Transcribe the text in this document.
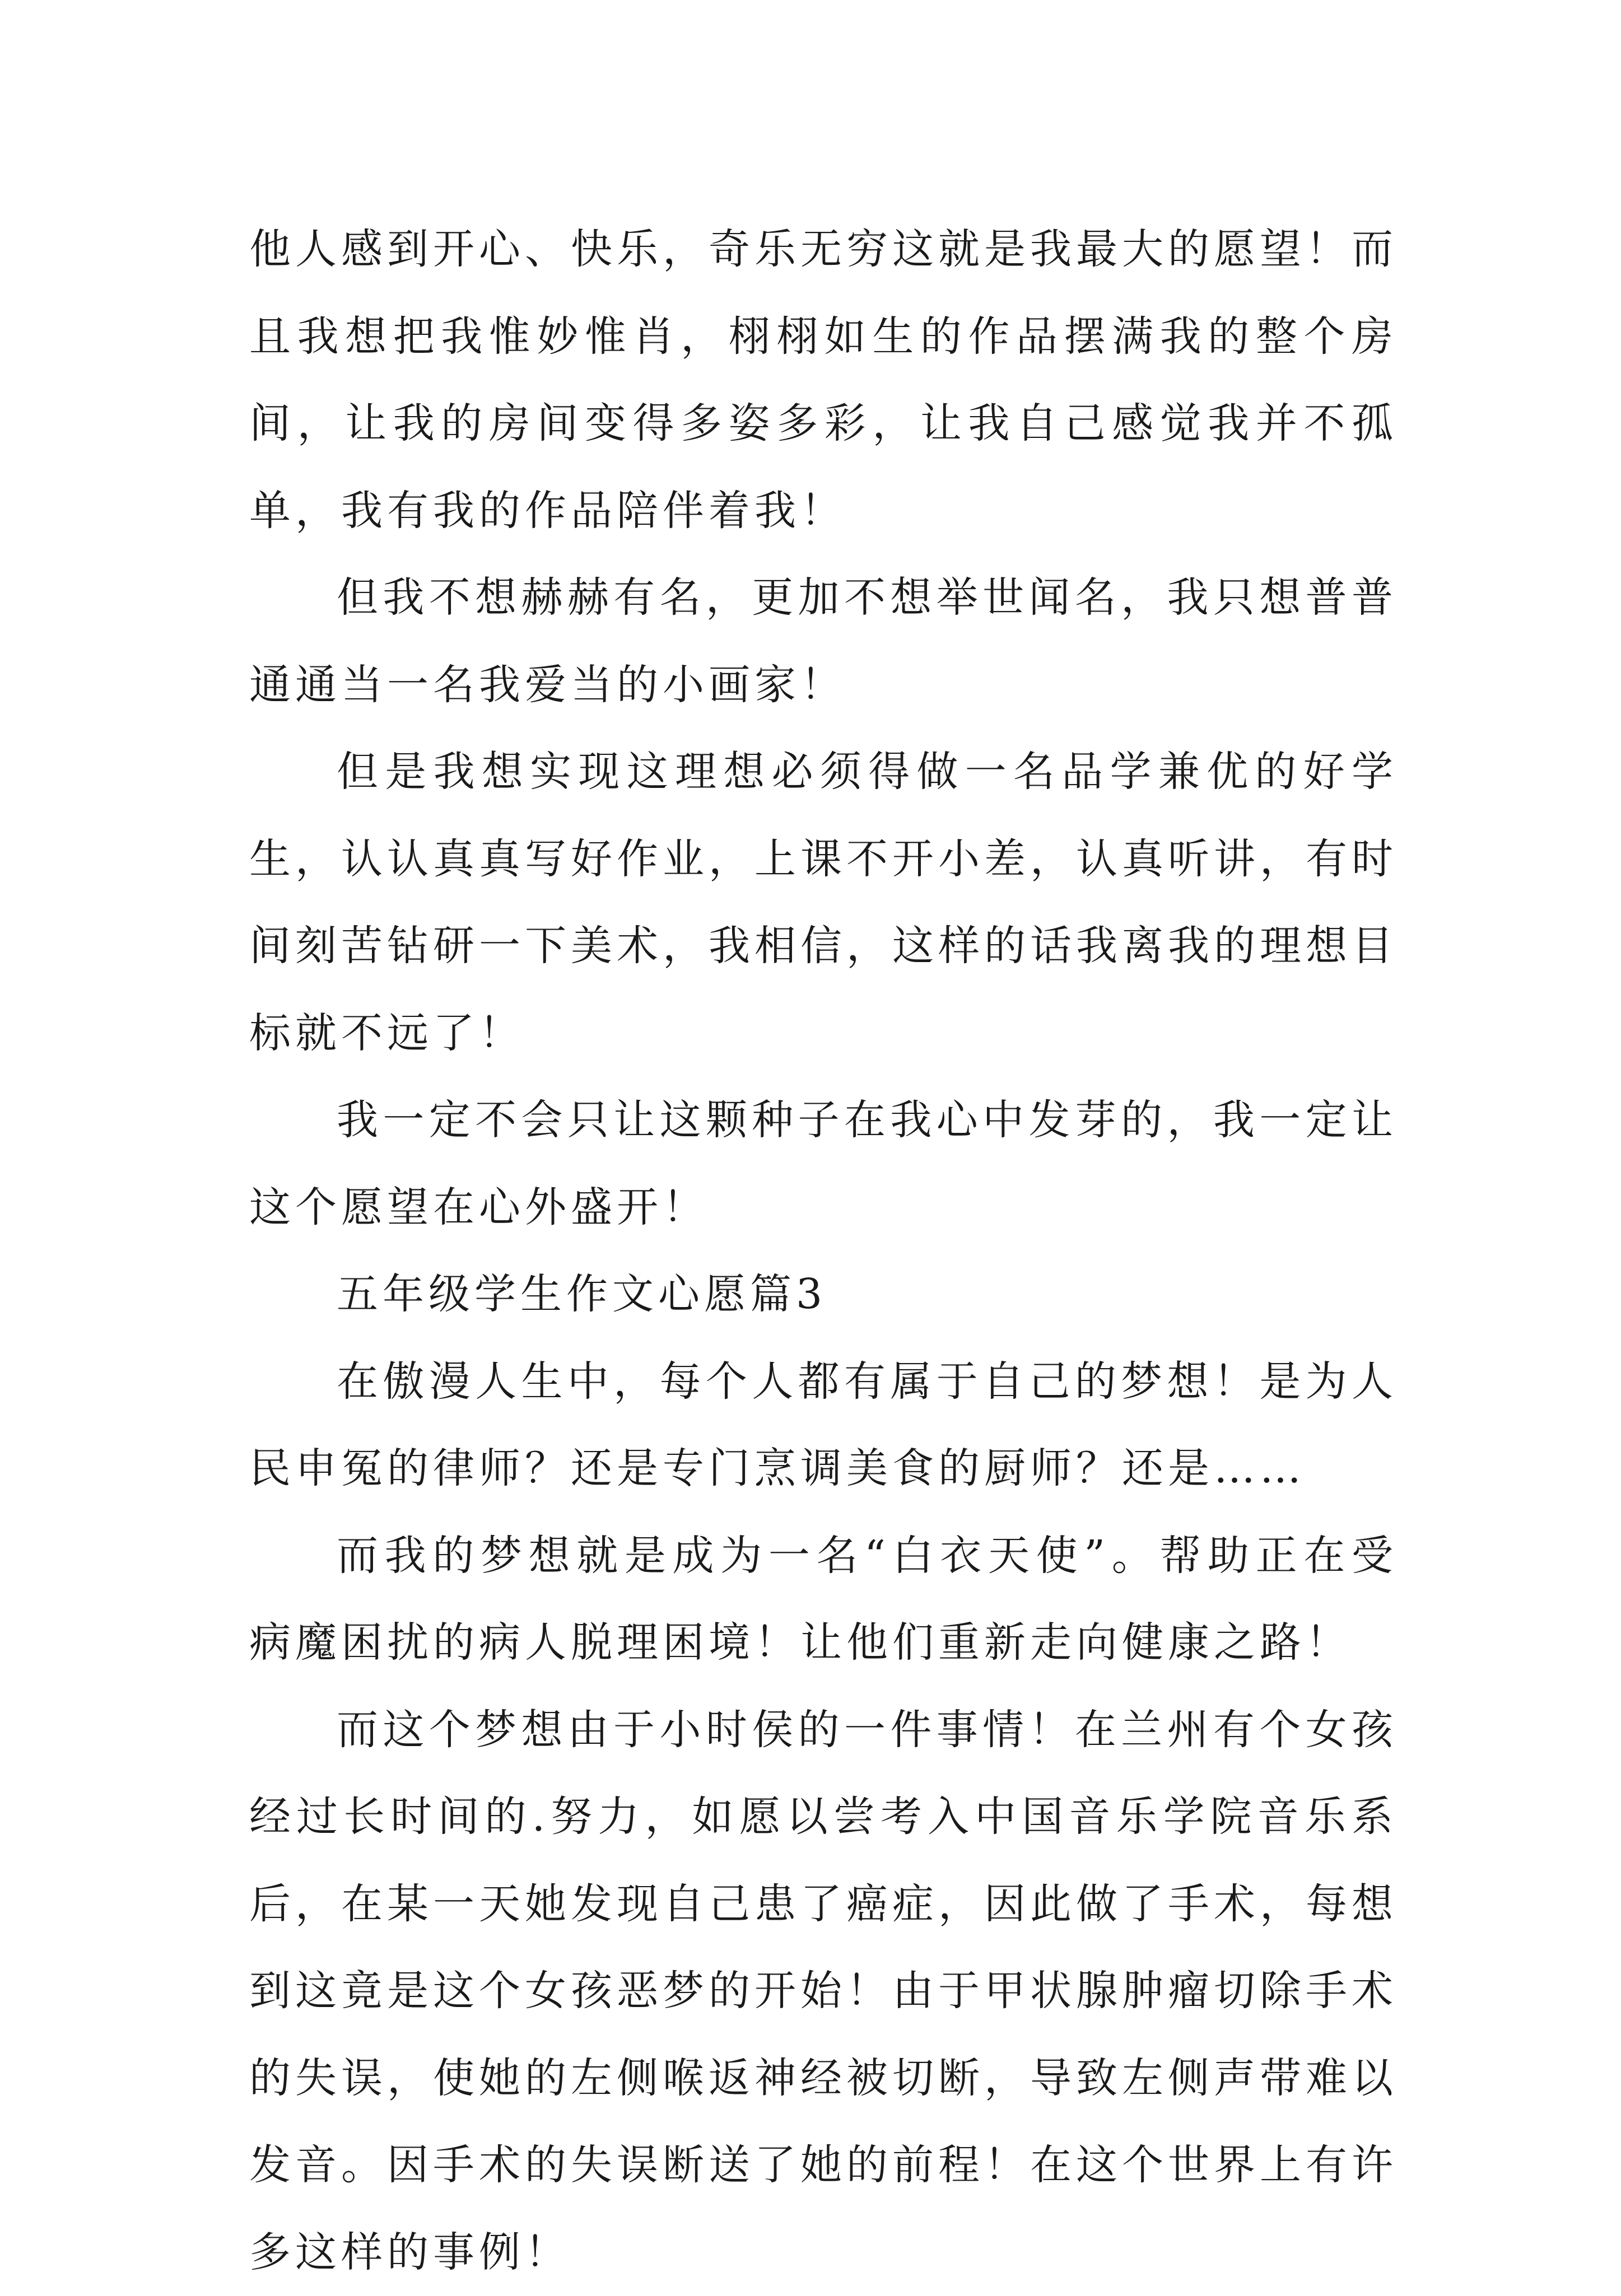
他人感到开心、快乐，奇乐无穷这就是我最大的愿望！而且我想把我惟妙惟肖，栩栩如生的作品摆满我的整个房间，让我的房间变得多姿多彩，让我自己感觉我并不孤单，我有我的作品陪伴着我！

但我不想赫赫有名，更加不想举世闻名，我只想普普通通当一名我爱当的小画家！

但是我想实现这理想必须得做一名品学兼优的好学生，认认真真写好作业，上课不开小差，认真听讲，有时间刻苦钻研一下美术，我相信，这样的话我离我的理想目标就不远了！

我一定不会只让这颗种子在我心中发芽的，我一定让这个愿望在心外盛开！

五年级学生作文心愿篇3

在傲漫人生中，每个人都有属于自己的梦想！是为人民申冤的律师？还是专门烹调美食的厨师？还是……

而我的梦想就是成为一名“白衣天使”。帮助正在受病魔困扰的病人脱理困境！让他们重新走向健康之路！

而这个梦想由于小时侯的一件事情！在兰州有个女孩经过长时间的.努力，如愿以尝考入中国音乐学院音乐系后，在某一天她发现自己患了癌症，因此做了手术，每想到这竟是这个女孩恶梦的开始！由于甲状腺肿瘤切除手术的失误，使她的左侧喉返神经被切断，导致左侧声带难以发音。因手术的失误断送了她的前程！在这个世界上有许多这样的事例！
